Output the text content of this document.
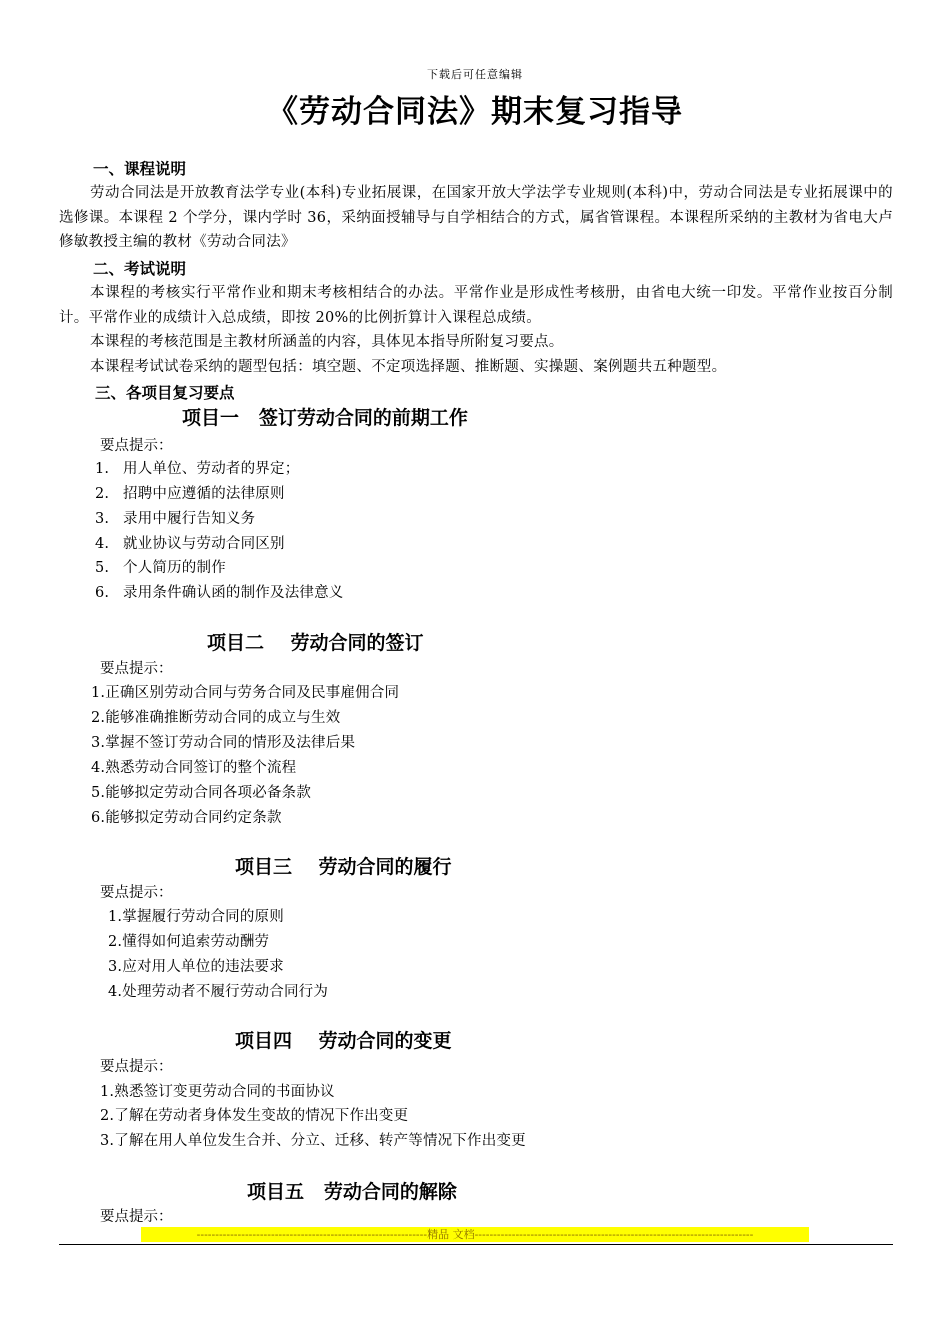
下载后可任意编辑
《劳动合同法》期末复习指导
一、课程说明
劳动合同法是开放教育法学专业(本科)专业拓展课，在国家开放大学法学专业规则(本科)中，劳动合同法是专业拓展课中的选修课。本课程 2 个学分，课内学时 36，采纳面授辅导与自学相结合的方式，属省管课程。本课程所采纳的主教材为省电大卢修敏教授主编的教材《劳动合同法》
二、考试说明
本课程的考核实行平常作业和期末考核相结合的办法。平常作业是形成性考核册，由省电大统一印发。平常作业按百分制计。平常作业的成绩计入总成绩，即按 20%的比例折算计入课程总成绩。
本课程的考核范围是主教材所涵盖的内容，具体见本指导所附复习要点。
本课程考试试卷采纳的题型包括：填空题、不定项选择题、推断题、实操题、案例题共五种题型。
三、各项目复习要点
项目一   签订劳动合同的前期工作
要点提示：
1. 用人单位、劳动者的界定；
2. 招聘中应遵循的法律原则
3. 录用中履行告知义务
4. 就业协议与劳动合同区别
5. 个人简历的制作
6. 录用条件确认函的制作及法律意义
项目二    劳动合同的签订
要点提示：
1.正确区别劳动合同与劳务合同及民事雇佣合同
2.能够准确推断劳动合同的成立与生效
3.掌握不签订劳动合同的情形及法律后果
4.熟悉劳动合同签订的整个流程
5.能够拟定劳动合同各项必备条款
6.能够拟定劳动合同约定条款
项目三    劳动合同的履行
要点提示：
1.掌握履行劳动合同的原则
2.懂得如何追索劳动酬劳
3.应对用人单位的违法要求
4.处理劳动者不履行劳动合同行为
项目四    劳动合同的变更
要点提示：
1.熟悉签订变更劳动合同的书面协议
2.了解在劳动者身体发生变故的情况下作出变更
3.了解在用人单位发生合并、分立、迁移、转产等情况下作出变更
项目五   劳动合同的解除
要点提示：
--------------------------------------------------------------精品 文档---------------------------------------------------------------------------
